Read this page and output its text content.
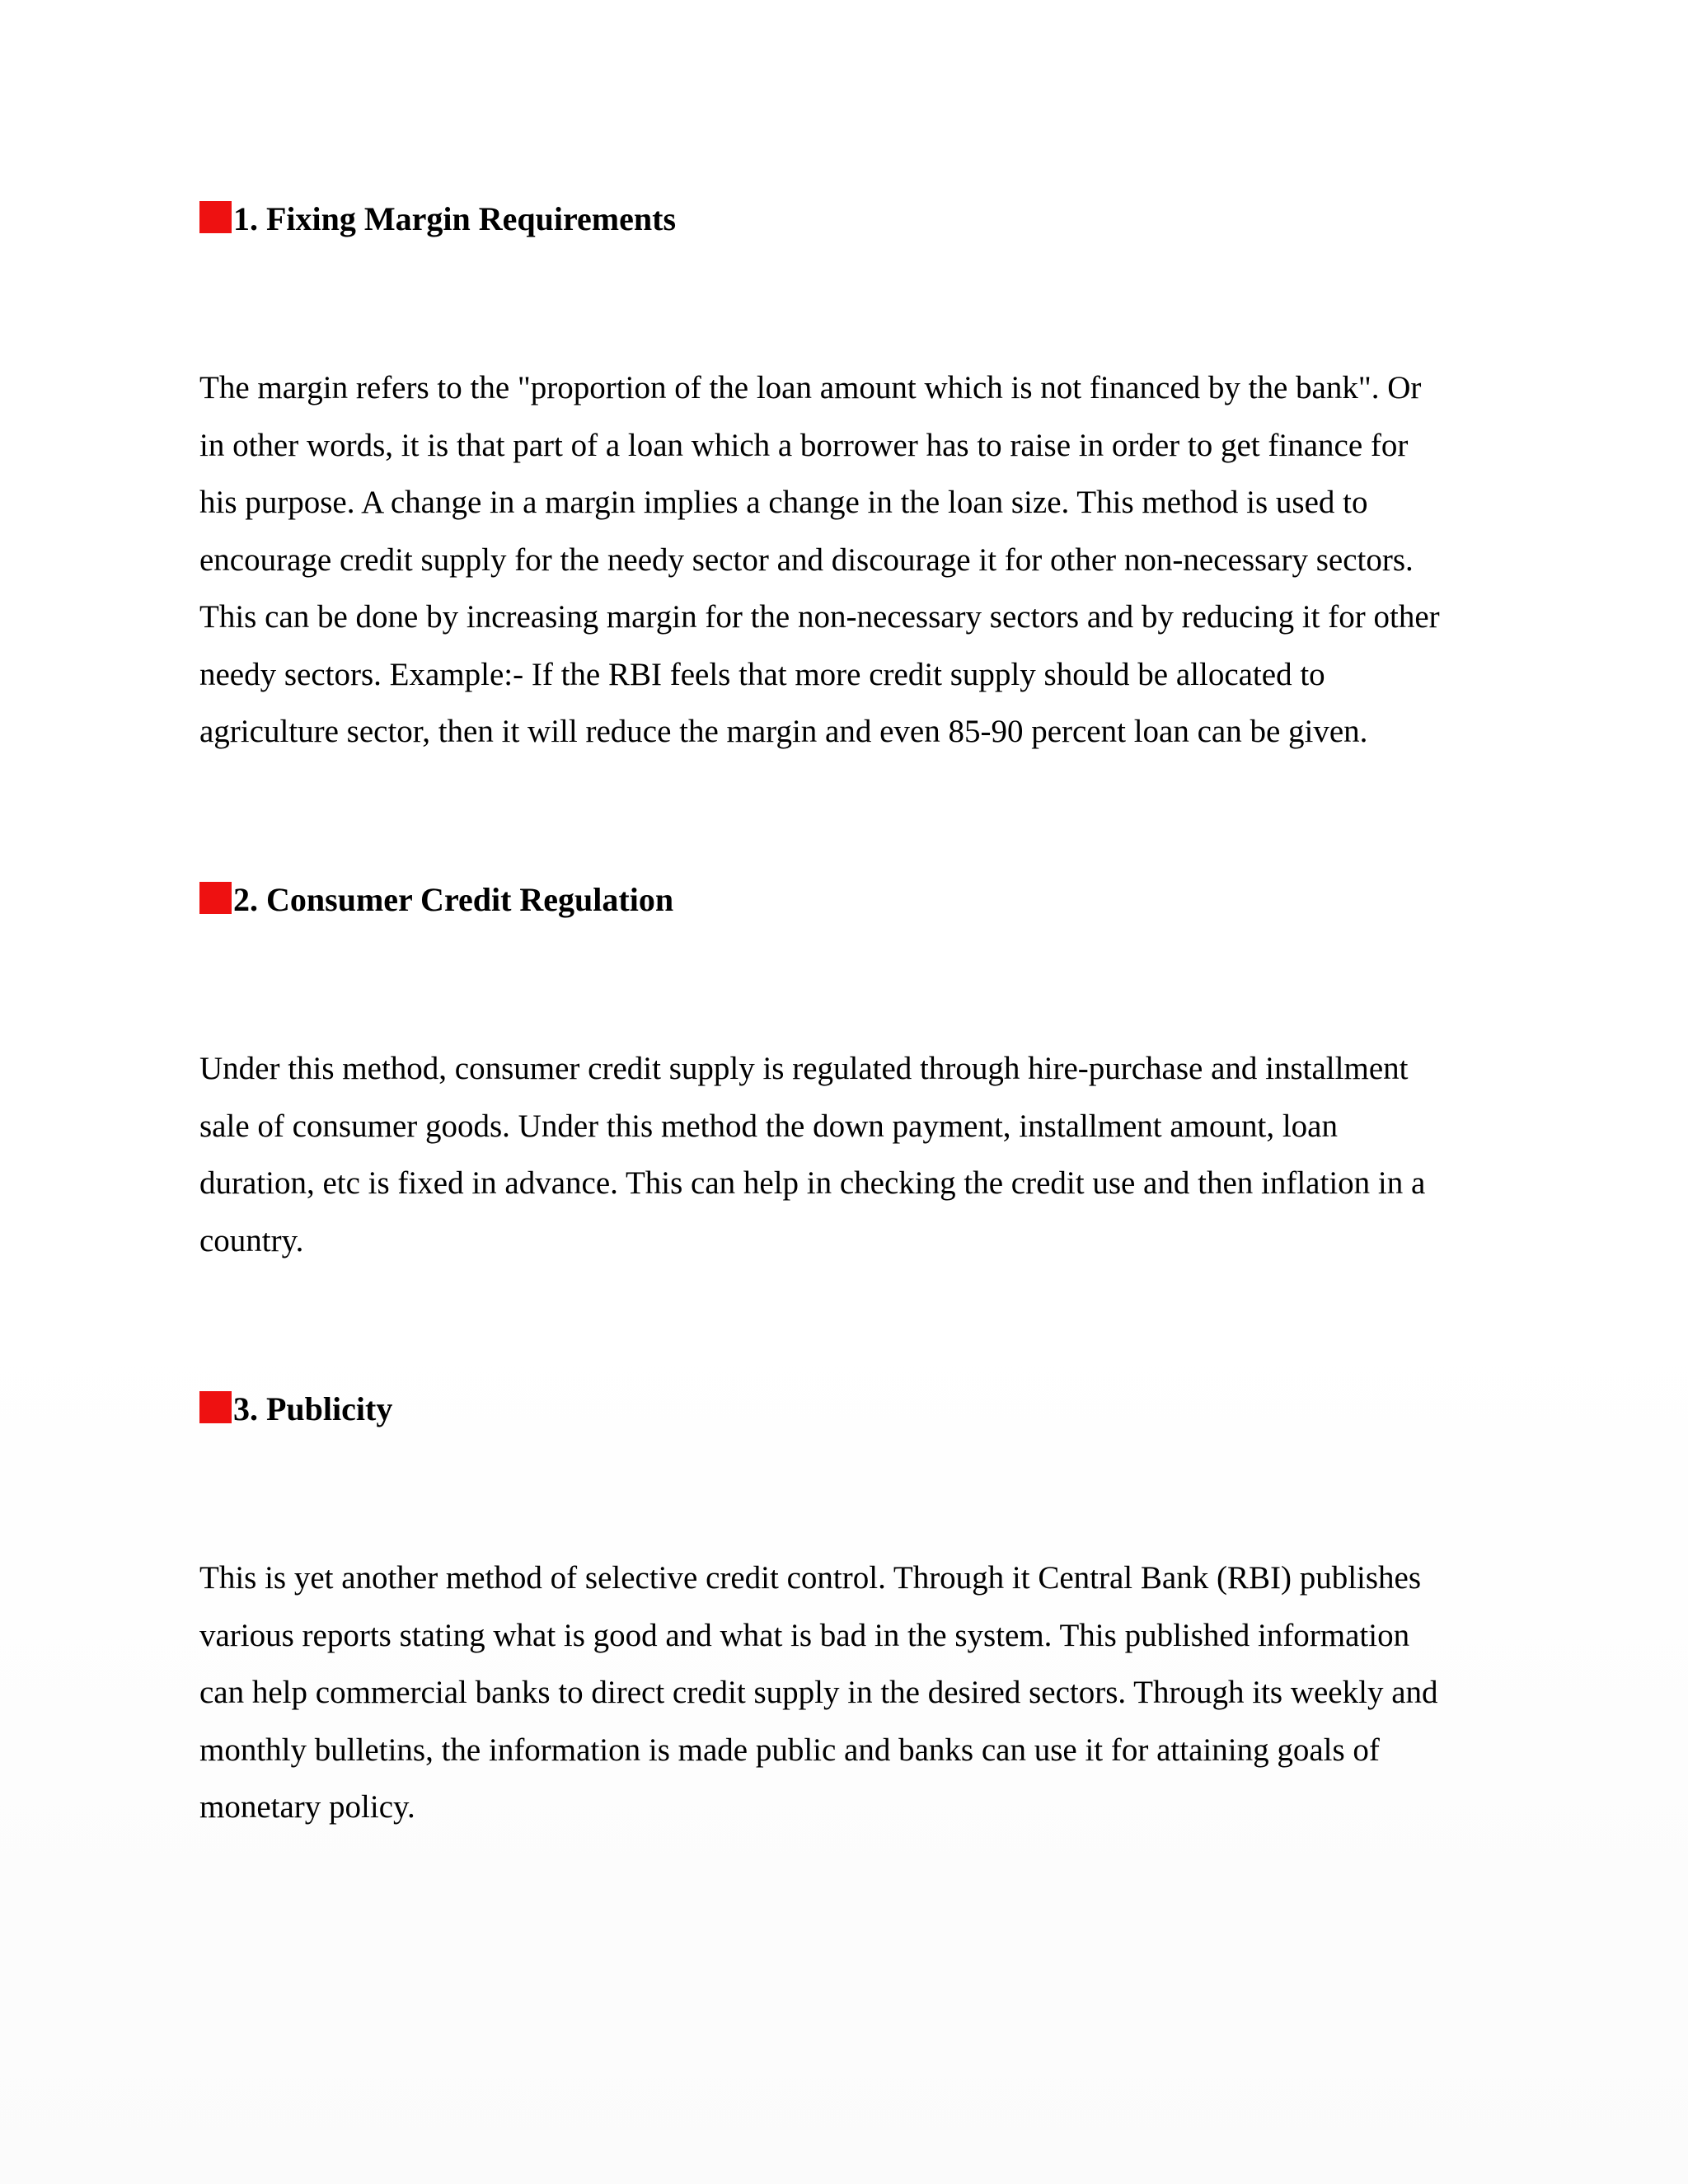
1. Fixing Margin Requirements

The margin refers to the "proportion of the loan amount which is not financed by the bank". Or
in other words, it is that part of a loan which a borrower has to raise in order to get finance for
his purpose. A change in a margin implies a change in the loan size. This method is used to
encourage credit supply for the needy sector and discourage it for other non-necessary sectors.
This can be done by increasing margin for the non-necessary sectors and by reducing it for other
needy sectors. Example:- If the RBI feels that more credit supply should be allocated to
agriculture sector, then it will reduce the margin and even 85-90 percent loan can be given.

2. Consumer Credit Regulation

Under this method, consumer credit supply is regulated through hire-purchase and installment
sale of consumer goods. Under this method the down payment, installment amount, loan
duration, etc is fixed in advance. This can help in checking the credit use and then inflation in a
country.

3. Publicity

This is yet another method of selective credit control. Through it Central Bank (RBI) publishes
various reports stating what is good and what is bad in the system. This published information
can help commercial banks to direct credit supply in the desired sectors. Through its weekly and
monthly bulletins, the information is made public and banks can use it for attaining goals of
monetary policy.
